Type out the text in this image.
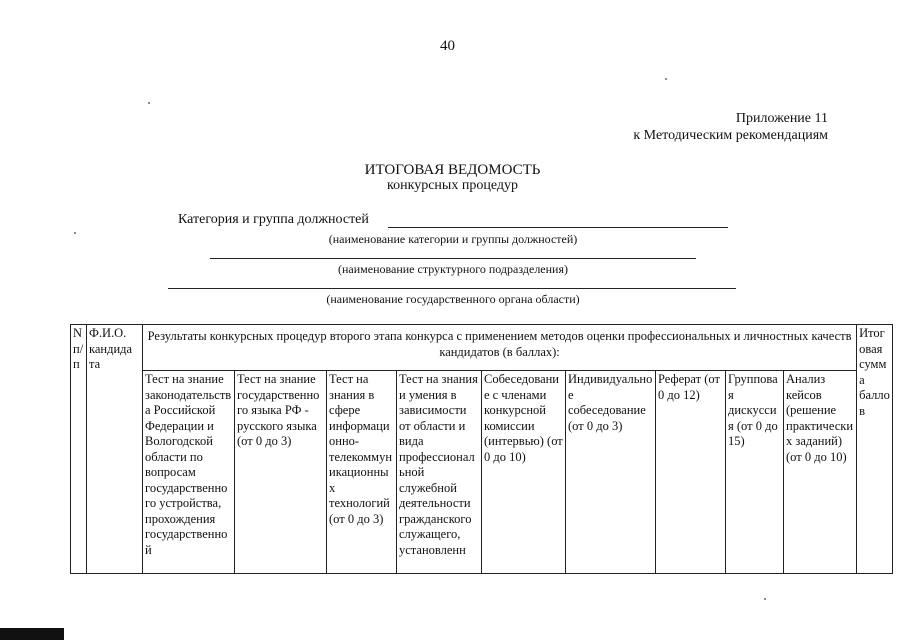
40
Приложение 11
к Методическим рекомендациям
ИТОГОВАЯ ВЕДОМОСТЬ
конкурсных процедур
Категория и группа должностей
(наименование категории и группы должностей)
(наименование структурного подразделения)
(наименование государственного органа области)
N п/п	Ф.И.О. кандида та	Результаты конкурсных процедур второго этапа конкурса с применением методов оценки профессиональных и личностных качеств кандидатов (в баллах):									Итоговая сумма баллов
		Тест на знание законодательства Российской Федерации и Вологодской области по вопросам государственного устройства, прохождения государственной	Тест на знание государственного языка РФ - русского языка (от 0 до 3)	Тест на знания в сфере информационно-телекоммуникационных технологий (от 0 до 3)	Тест на знания и умения в зависимости от области и вида профессиональной служебной деятельности гражданского служащего, установленн	Собеседование с членами конкурсной комиссии (интервью) (от 0 до 10)	Индивидуальное собеседование (от 0 до 3)	Реферат (от 0 до 12)	Групповая дискуссия (от 0 до 15)	Анализ кейсов (решение практических заданий) (от 0 до 10)	
